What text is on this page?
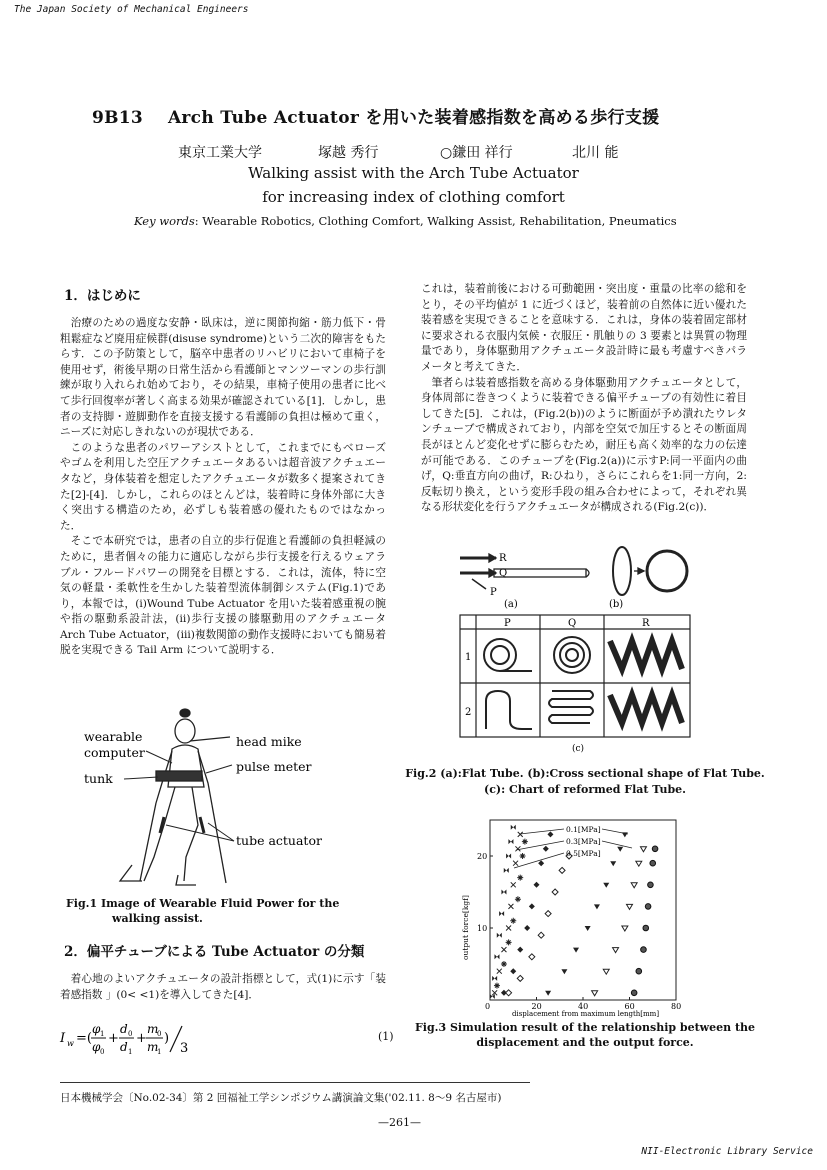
The Japan Society of Mechanical Engineers
9B13 Arch Tube Actuator を用いた装着感指数を高める歩行支援
東京工業大学	塚越 秀行	○鎌田 祥行	北川 能
Walking assist with the Arch Tube Actuator
for increasing index of clothing comfort
Key words: Wearable Robotics, Clothing Comfort, Walking Assist, Rehabilitation, Pneumatics
1．はじめに

治療のための過度な安静・臥床は，逆に関節拘縮・筋力低下・骨粗鬆症など廃用症候群(disuse syndrome)という二次的障害をもたらす．この予防策として，脳卒中患者のリハビリにおいて車椅子を使用せず，術後早期の日常生活から看護師とマンツーマンの歩行訓練が取り入れられ始めており，その結果，車椅子使用の患者に比べて歩行回復率が著しく高まる効果が確認されている[1]．しかし，患者の支持脚・遊脚動作を直接支援する看護師の負担は極めて重く，ニーズに対応しきれないのが現状である．

このような患者のパワーアシストとして，これまでにもベローズやゴムを利用した空圧アクチュエータあるいは超音波アクチュエータなど，身体装着を想定したアクチュエータが数多く提案されてきた[2]-[4]．しかし，これらのほとんどは，装着時に身体外部に大きく突出する構造のため，必ずしも装着感の優れたものではなかった．

そこで本研究では，患者の自立的歩行促進と看護師の負担軽減のために，患者個々の能力に適応しながら歩行支援を行えるウェアラブル・フルードパワーの開発を目標とする．これは，流体，特に空気の軽量・柔軟性を生かした装着型流体制御システム(Fig.1)であり，本報では，(i)Wound Tube Actuator を用いた装着感重視の腕や指の駆動系設計法，(ii)歩行支援の膝駆動用のアクチュエータ Arch Tube Actuator，(iii)複数関節の動作支援時においても簡易着脱を実現できる Tail Arm について説明する．

wearable
computer
tunk
head mike
pulse meter
tube actuator
Fig.1 Image of Wearable Fluid Power for the
walking assist.
2．偏平チューブによる Tube Actuator の分類
着心地のよいアクチュエータの設計指標として，式(1)に示す「装着感指数 」(0< <1)を導入してきた[4]．
I w =(
φ 1
φ 0
+
d 0
d 1
+
m
0
m
1
)
3
(1)

これは，装着前後における可動範囲・突出度・重量の比率の総和をとり，その平均値が 1 に近づくほど，装着前の自然体に近い優れた装着感を実現できることを意味する．これは，身体の装着固定部材に要求される衣服内気候・衣服圧・肌触りの 3 要素とは異質の物理量であり，身体駆動用アクチュエータ設計時に最も考慮すべきパラメータと考えてきた．

筆者らは装着感指数を高める身体駆動用アクチュエータとして，身体周部に巻きつくように装着できる偏平チューブの有効性に着目してきた[5]．これは，(Fig.2(b))のように断面が予め潰れたウレタンチューブで構成されており，内部を空気で加圧するとその断面周長がほとんど変化せずに膨らむため，耐圧も高く効率的な力の伝達が可能である．このチューブを(Fig.2(a))に示すP:同一平面内の曲げ，Q:垂直方向の曲げ，R:ひねり，さらにこれらを1:同一方向，2:反転切り換え，という変形手段の組み合わせによって，それぞれ異なる形状変化を行うアクチュエータが構成される(Fig.2(c))．

R
Q
P
(a)	(b)
P	Q	R
1
2
(c)
Fig.2 (a):Flat Tube. (b):Cross sectional shape of Flat Tube.
(c): Chart of reformed Flat Tube.
0	20	40	60	80
10
20
0.1[MPa]
0.3[MPa]
0.5[MPa]
output force[kgf]
displacement from maximum length[mm]
Fig.3 Simulation result of the relationship between the
displacement and the output force.
日本機械学会〔No.02-34〕第 2 回福祉工学シンポジウム講演論文集('02.11. 8～9 名古屋市)
—261—
NII-Electronic Library Service
